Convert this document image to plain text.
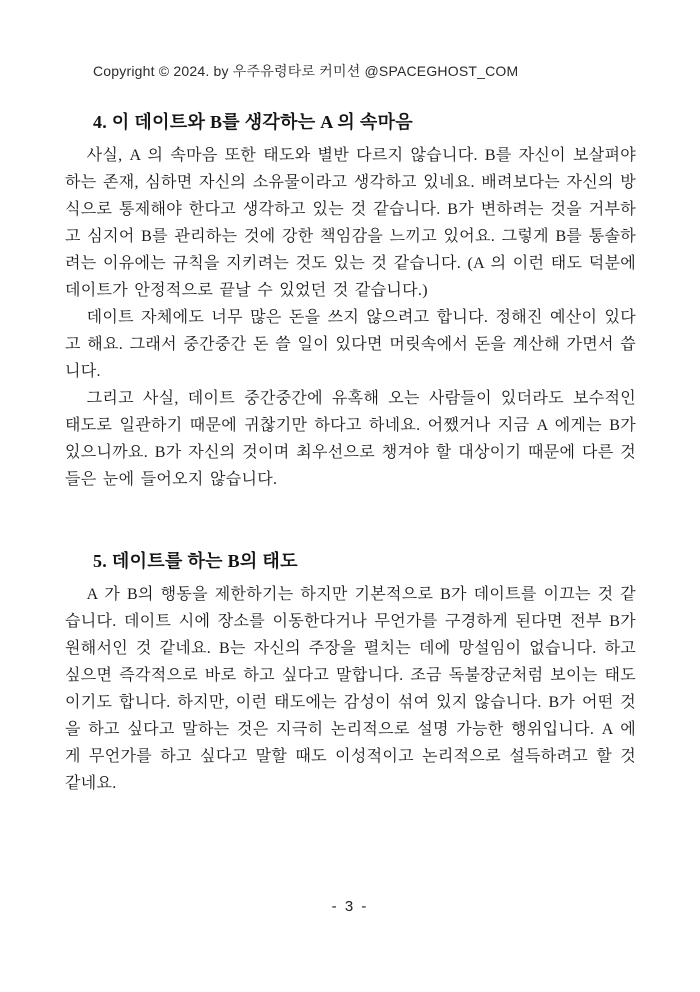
Copyright © 2024. by 우주유령타로 커미션 @SPACEGHOST_COM
4. 이 데이트와 B를 생각하는 A 의 속마음

사실, A 의 속마음 또한 태도와 별반 다르지 않습니다. B를 자신이 보살펴야 하는 존재, 심하면 자신의 소유물이라고 생각하고 있네요. 배려보다는 자신의 방식으로 통제해야 한다고 생각하고 있는 것 같습니다. B가 변하려는 것을 거부하고 심지어 B를 관리하는 것에 강한 책임감을 느끼고 있어요. 그렇게 B를 통솔하려는 이유에는 규칙을 지키려는 것도 있는 것 같습니다. (A 의 이런 태도 덕분에 데이트가 안정적으로 끝날 수 있었던 것 같습니다.)

데이트 자체에도 너무 많은 돈을 쓰지 않으려고 합니다. 정해진 예산이 있다고 해요. 그래서 중간중간 돈 쓸 일이 있다면 머릿속에서 돈을 계산해 가면서 씁니다.

그리고 사실, 데이트 중간중간에 유혹해 오는 사람들이 있더라도 보수적인 태도로 일관하기 때문에 귀찮기만 하다고 하네요. 어쨌거나 지금 A 에게는 B가 있으니까요. B가 자신의 것이며 최우선으로 챙겨야 할 대상이기 때문에 다른 것들은 눈에 들어오지 않습니다.

5. 데이트를 하는 B의 태도

A 가 B의 행동을 제한하기는 하지만 기본적으로 B가 데이트를 이끄는 것 같습니다. 데이트 시에 장소를 이동한다거나 무언가를 구경하게 된다면 전부 B가 원해서인 것 같네요. B는 자신의 주장을 펼치는 데에 망설임이 없습니다. 하고 싶으면 즉각적으로 바로 하고 싶다고 말합니다. 조금 독불장군처럼 보이는 태도이기도 합니다. 하지만, 이런 태도에는 감성이 섞여 있지 않습니다. B가 어떤 것을 하고 싶다고 말하는 것은 지극히 논리적으로 설명 가능한 행위입니다. A 에게 무언가를 하고 싶다고 말할 때도 이성적이고 논리적으로 설득하려고 할 것 같네요.

- 3 -
